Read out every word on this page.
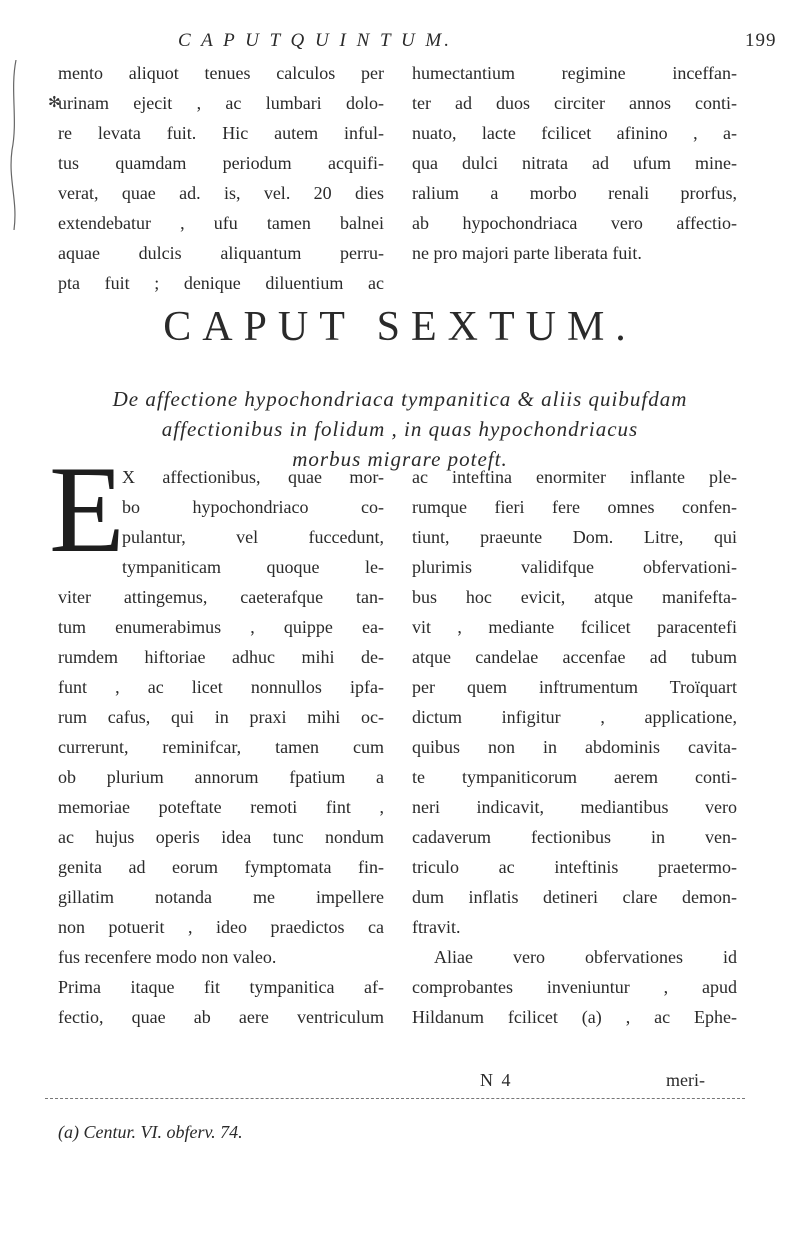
C A P U T Q U I N T U M.	199
✻
mento aliquot tenues calculos per
urinam ejecit , ac lumbari dolo-
re levata fuit. Hic autem inful-
tus quamdam periodum acquifi-
verat, quae ad. is, vel. 20 dies
extendebatur , ufu tamen balnei
aquae dulcis aliquantum perru-
pta fuit ; denique diluentium ac
humectantium regimine inceffan-
ter ad duos circiter annos conti-
nuato, lacte fcilicet afinino , a-
qua dulci nitrata ad ufum mine-
ralium a morbo renali prorfus,
ab hypochondriaca vero affectio-
ne pro majori parte liberata fuit.
CAPUT SEXTUM.
De affectione hypochondriaca tympanitica & aliis quibufdam
affectionibus in folidum , in quas hypochondriacus
morbus migrare poteft.
E
X affectionibus, quae mor-
bo hypochondriaco co-
pulantur, vel fuccedunt,
tympaniticam quoque le-
viter attingemus, caeterafque tan-
tum enumerabimus , quippe ea-
rumdem hiftoriae adhuc mihi de-
funt , ac licet nonnullos ipfa-
rum cafus, qui in praxi mihi oc-
currerunt, reminifcar, tamen cum
ob plurium annorum fpatium a
memoriae poteftate remoti fint ,
ac hujus operis idea tunc nondum
genita ad eorum fymptomata fin-
gillatim notanda me impellere
non potuerit , ideo praedictos ca
fus recenfere modo non valeo.
Prima itaque fit tympanitica af-
fectio, quae ab aere ventriculum
ac inteftina enormiter inflante ple-
rumque fieri fere omnes confen-
tiunt, praeunte Dom. Litre, qui
plurimis validifque obfervationi-
bus hoc evicit, atque manifefta-
vit , mediante fcilicet paracentefi
atque candelae accenfae ad tubum
per quem inftrumentum Troïquart
dictum infigitur , applicatione,
quibus non in abdominis cavita-
te tympaniticorum aerem conti-
neri indicavit, mediantibus vero
cadaverum fectionibus in ven-
triculo ac inteftinis praetermo-
dum inflatis detineri clare demon-
ftravit.
Aliae vero obfervationes id
comprobantes inveniuntur , apud
Hildanum fcilicet (a) , ac Ephe-
N 4	meri-
(a) Centur. VI. obferv. 74.
